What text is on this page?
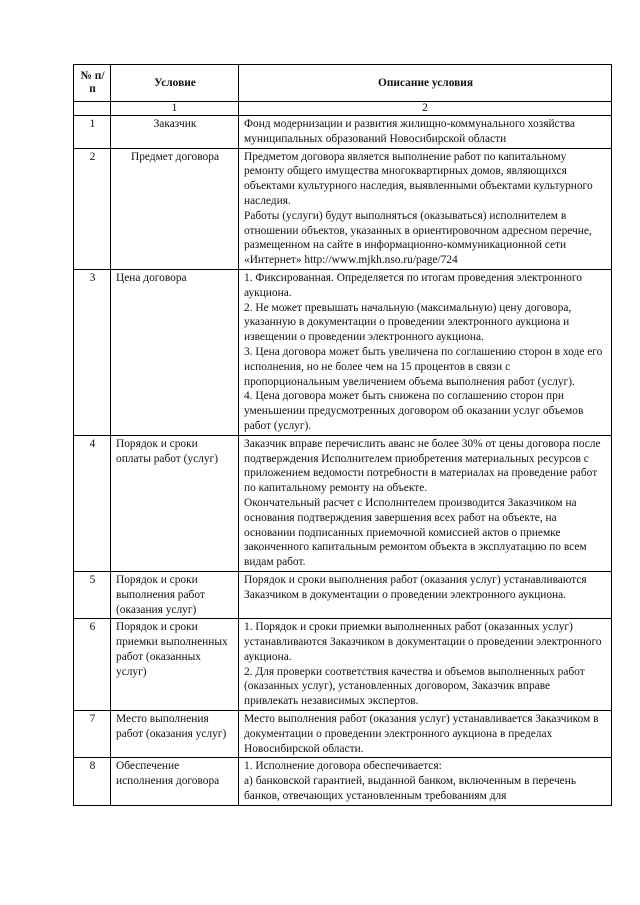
№ п/п	Условие	Описание условия
	1	2
1	Заказчик	Фонд модернизации и развития жилищно-коммунального хозяйства муниципальных образований Новосибирской области

2	Предмет договора	Предметом договора является выполнение работ по капитальному ремонту общего имущества многоквартирных домов, являющихся объектами культурного наследия, выявленными объектами культурного наследия.

Работы (услуги) будут выполняться (оказываться) исполнителем в отношении объектов, указанных в ориентировочном адресном перечне, размещенном на сайте в информационно-коммуникационной сети «Интернет» http://www.mjkh.nso.ru/page/724

3	Цена договора	1. Фиксированная. Определяется по итогам проведения электронного аукциона.

2. Не может превышать начальную (максимальную) цену договора, указанную в документации о проведении электронного аукциона и извещении о проведении электронного аукциона.

3. Цена договора может быть увеличена по соглашению сторон в ходе его исполнения, но не более чем на 15 процентов в связи с пропорциональным увеличением объема выполнения работ (услуг).

4. Цена договора может быть снижена по соглашению сторон при уменьшении предусмотренных договором об оказании услуг объемов работ (услуг).

4	Порядок и сроки оплаты работ (услуг)	Заказчик вправе перечислить аванс не более 30% от цены договора после подтверждения Исполнителем приобретения материальных ресурсов с приложением ведомости потребности в материалах на проведение работ по капитальному ремонту на объекте.

Окончательный расчет с Исполнителем производится Заказчиком на основания подтверждения завершения всех работ на объекте, на основании подписанных приемочной комиссией актов о приемке законченного капитальным ремонтом объекта в эксплуатацию по всем видам работ.

5	Порядок и сроки выполнения работ (оказания услуг)	Порядок и сроки выполнения работ (оказания услуг) устанавливаются Заказчиком в документации о проведении электронного аукциона.

6	Порядок и сроки приемки выполненных работ (оказанных услуг)	1. Порядок и сроки приемки выполненных работ (оказанных услуг) устанавливаются Заказчиком в документации о проведении электронного аукциона.

2. Для проверки соответствия качества и объемов выполненных работ (оказанных услуг), установленных договором, Заказчик вправе привлекать независимых экспертов.

7	Место выполнения работ (оказания услуг)	Место выполнения работ (оказания услуг) устанавливается Заказчиком в документации о проведении электронного аукциона в пределах Новосибирской области.

8	Обеспечение исполнения договора	1. Исполнение договора обеспечивается:

а) банковской гарантией, выданной банком, включенным в перечень банков, отвечающих установленным требованиям для
